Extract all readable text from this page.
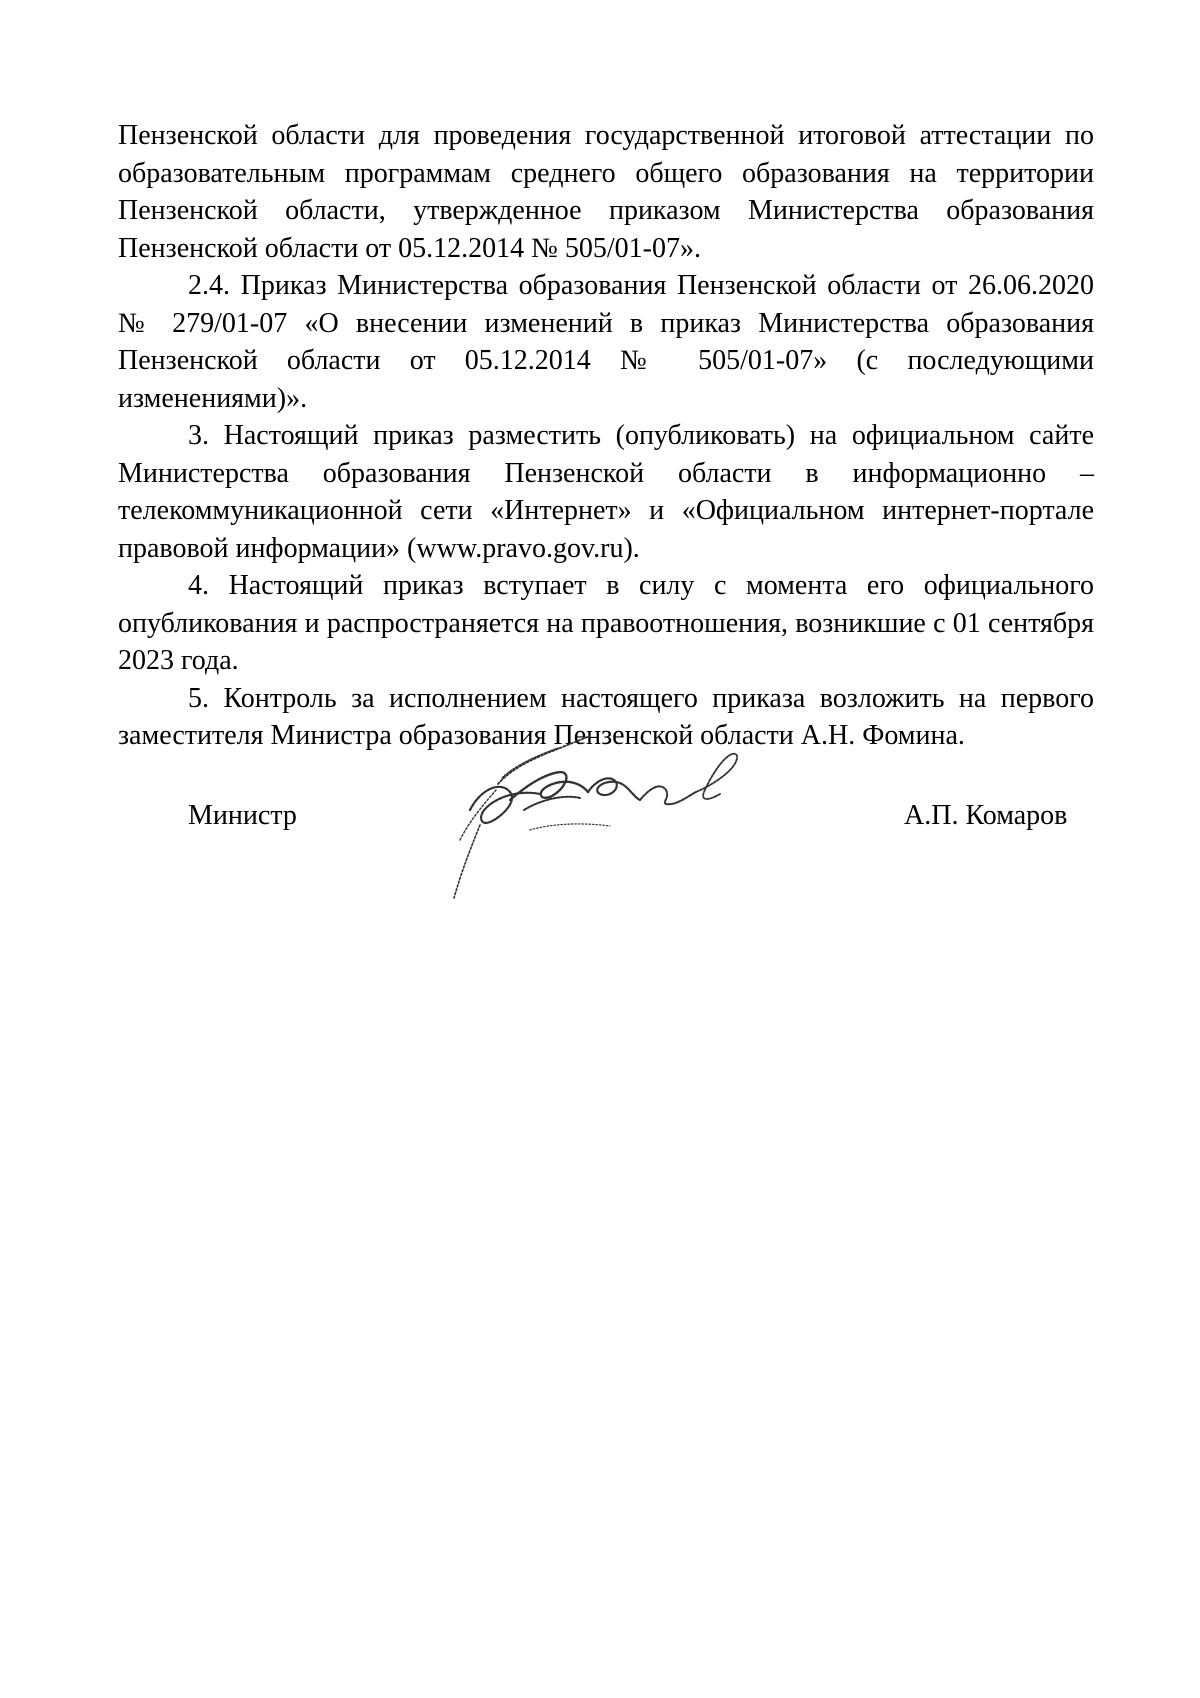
Пензенской области для проведения государственной итоговой аттестации по образовательным программам среднего общего образования на территории Пензенской области, утвержденное приказом Министерства образования Пензенской области от 05.12.2014 № 505/01-07».

2.4. Приказ Министерства образования Пензенской области от 26.06.2020 № 279/01-07 «О внесении изменений в приказ Министерства образования Пензенской области от 05.12.2014 № 505/01-07» (с последующими изменениями)».

3. Настоящий приказ разместить (опубликовать) на официальном сайте Министерства образования Пензенской области в информационно – телекоммуникационной сети «Интернет» и «Официальном интернет-портале правовой информации» (www.pravo.gov.ru).

4. Настоящий приказ вступает в силу с момента его официального опубликования и распространяется на правоотношения, возникшие с 01 сентября 2023 года.

5. Контроль за исполнением настоящего приказа возложить на первого заместителя Министра образования Пензенской области А.Н. Фомина.

Министр	А.П. Комаров
